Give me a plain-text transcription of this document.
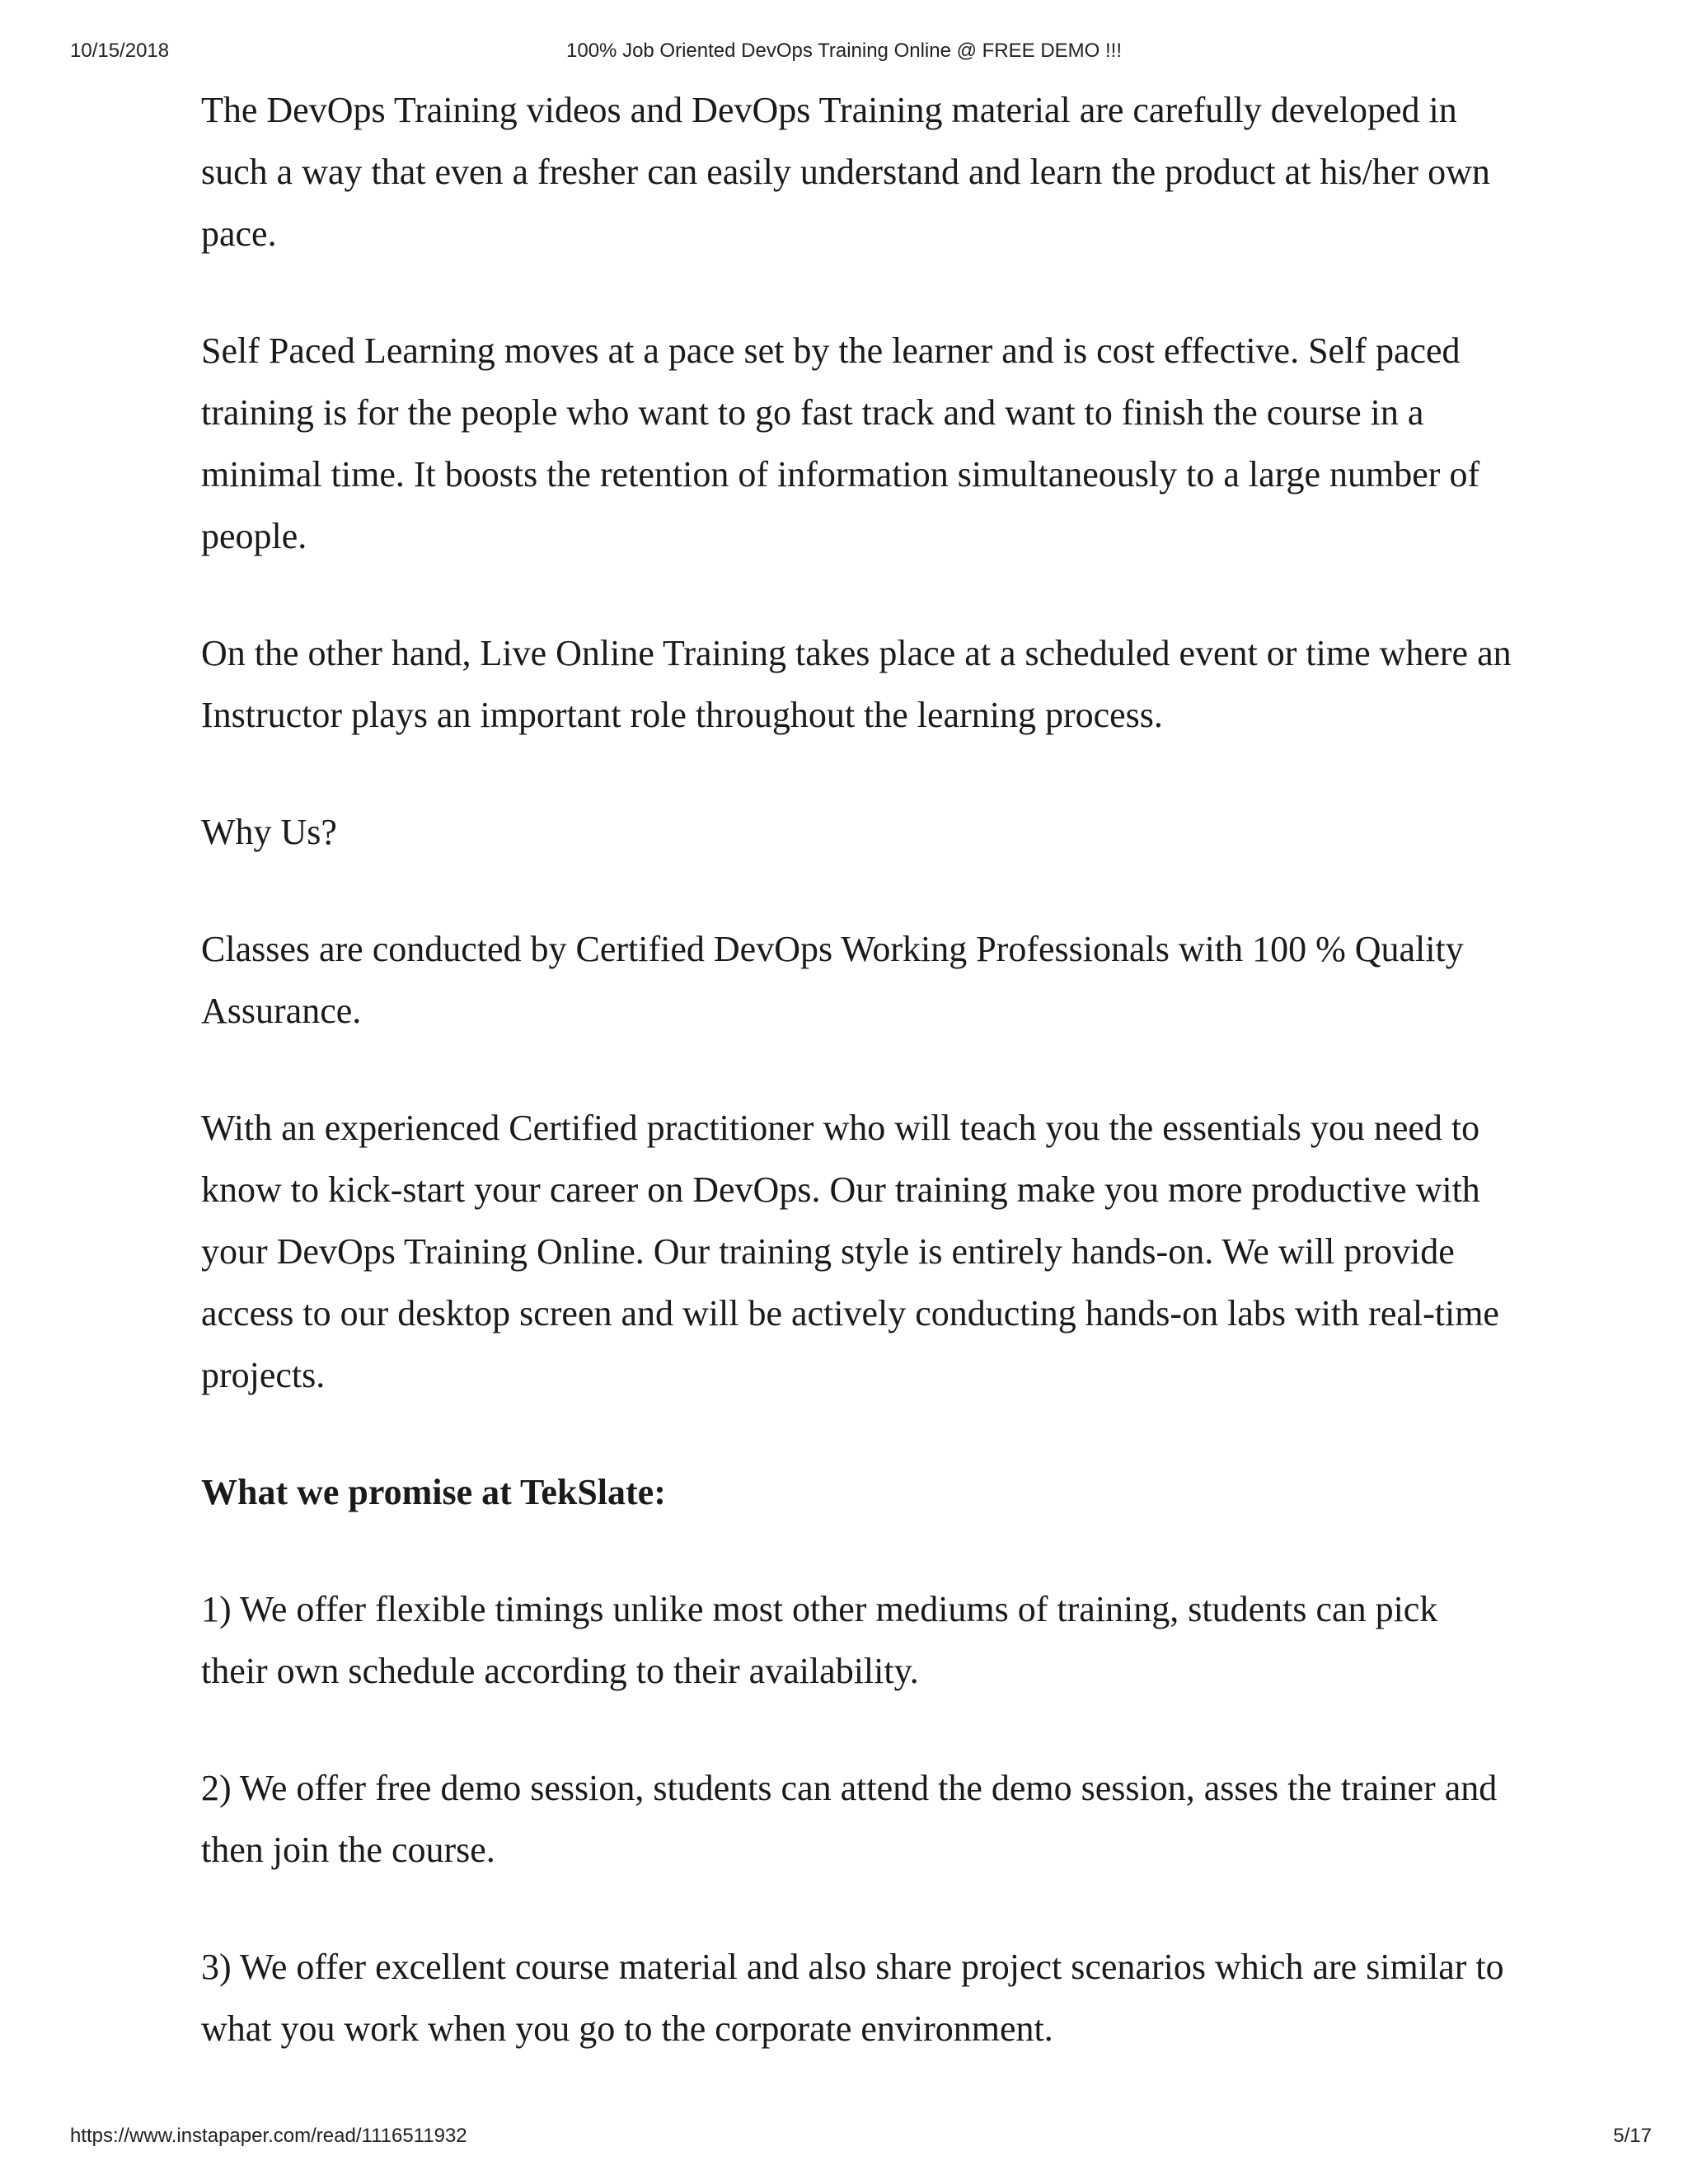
100% Job Oriented DevOps Training Online @ FREE DEMO !!!
10/15/2018

The DevOps Training videos and DevOps Training material are carefully developed in such a way that even a fresher can easily understand and learn the product at his/her own pace.

Self Paced Learning moves at a pace set by the learner and is cost effective. Self paced training is for the people who want to go fast track and want to finish the course in a minimal time. It boosts the retention of information simultaneously to a large number of people.

On the other hand, Live Online Training takes place at a scheduled event or time where an Instructor plays an important role throughout the learning process.

Why Us?

Classes are conducted by Certified DevOps Working Professionals with 100 % Quality Assurance.

With an experienced Certified practitioner who will teach you the essentials you need to know to kick-start your career on DevOps. Our training make you more productive with your DevOps Training Online. Our training style is entirely hands-on. We will provide access to our desktop screen and will be actively conducting hands-on labs with real-time projects.

What we promise at TekSlate:

1) We offer flexible timings unlike most other mediums of training, students can pick their own schedule according to their availability.

2) We offer free demo session, students can attend the demo session, asses the trainer and then join the course.

3) We offer excellent course material and also share project scenarios which are similar to what you work when you go to the corporate environment.

https://www.instapaper.com/read/1116511932	5/17
